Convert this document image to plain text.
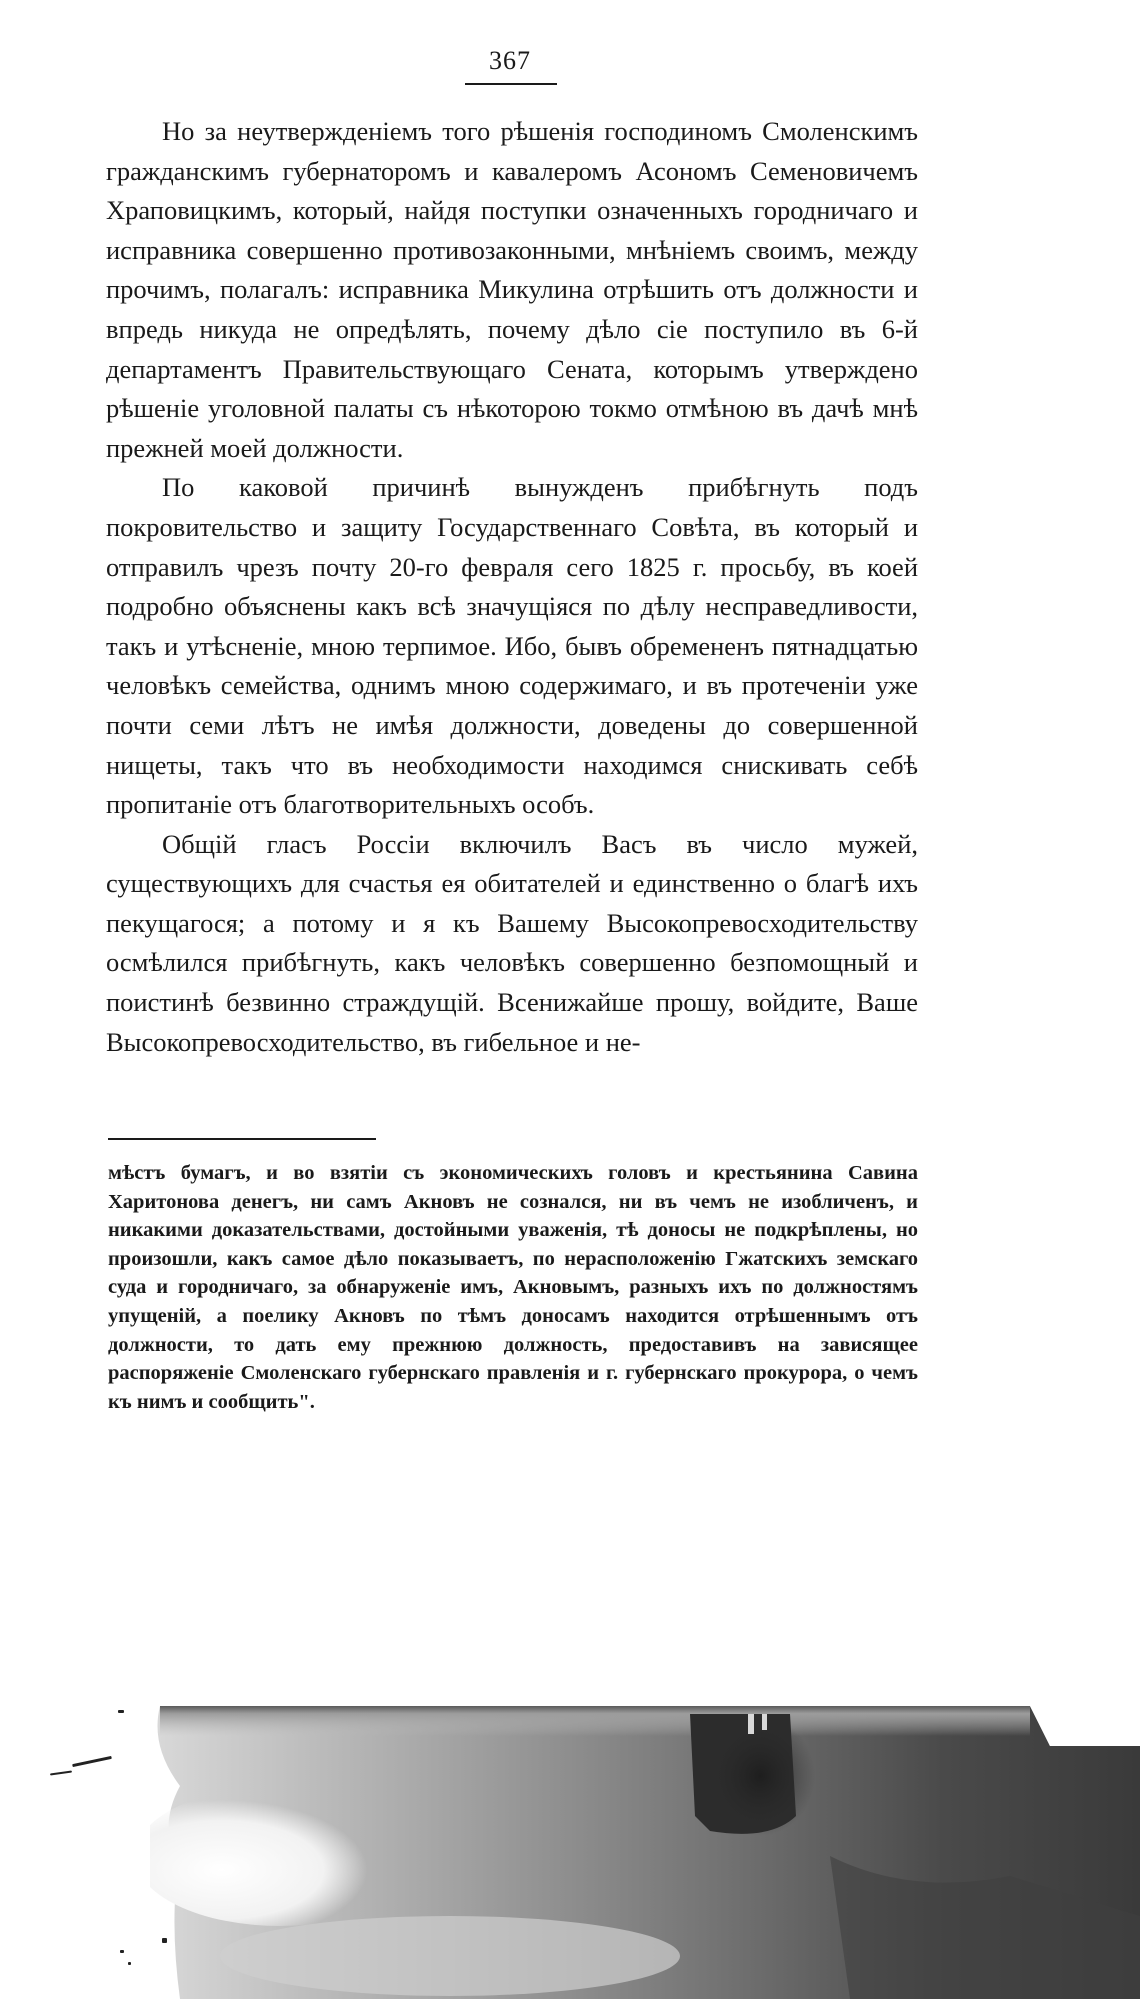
367

Но за неутвержденіемъ того рѣшенія господиномъ Смоленскимъ гражданскимъ губернаторомъ и кавалеромъ Асономъ Семеновичемъ Храповицкимъ, который, найдя поступки означенныхъ городничаго и исправника совершенно противозаконными, мнѣніемъ своимъ, между прочимъ, полагалъ: исправника Микулина отрѣшить отъ должности и впредь никуда не опредѣлять, почему дѣло сіе поступило въ 6-й департаментъ Правительствующаго Сената, которымъ утверждено рѣшеніе уголовной палаты съ нѣкоторою токмо отмѣною въ дачѣ мнѣ прежней моей должности.

По каковой причинѣ вынужденъ прибѣгнуть подъ покровительство и защиту Государственнаго Совѣта, въ который и отправилъ чрезъ почту 20-го февраля сего 1825 г. просьбу, въ коей подробно объяснены какъ всѣ значущіяся по дѣлу несправедливости, такъ и утѣсненіе, мною терпимое. Ибо, бывъ обремененъ пятнадцатью человѣкъ семейства, однимъ мною содержимаго, и въ протеченіи уже почти семи лѣтъ не имѣя должности, доведены до совершенной нищеты, такъ что въ необходимости находимся снискивать себѣ пропитаніе отъ благотворительныхъ особъ.

Общій гласъ Россіи включилъ Васъ въ число мужей, существующихъ для счастья ея обитателей и единственно о благѣ ихъ пекущагося; а потому и я къ Вашему Высокопревосходительству осмѣлился прибѣгнуть, какъ человѣкъ совершенно безпомощный и поистинѣ безвинно страждущій. Всенижайше прошу, войдите, Ваше Высокопревосходительство, въ гибельное и не-

мѣстъ бумагъ, и во взятіи съ экономическихъ головъ и крестьянина Савина Харитонова денегъ, ни самъ Акновъ не сознался, ни въ чемъ не изобличенъ, и никакими доказательствами, достойными уваженія, тѣ доносы не подкрѣплены, но произошли, какъ самое дѣло показываетъ, по нерасположенію Гжатскихъ земскаго суда и городничаго, за обнаруженіе имъ, Акновымъ, разныхъ ихъ по должностямъ упущеній, а поелику Акновъ по тѣмъ доносамъ находится отрѣшеннымъ отъ должности, то дать ему прежнюю должность, предоставивъ на зависящее распоряженіе Смоленскаго губернскаго правленія и г. губернскаго прокурора, о чемъ къ нимъ и сообщить".
